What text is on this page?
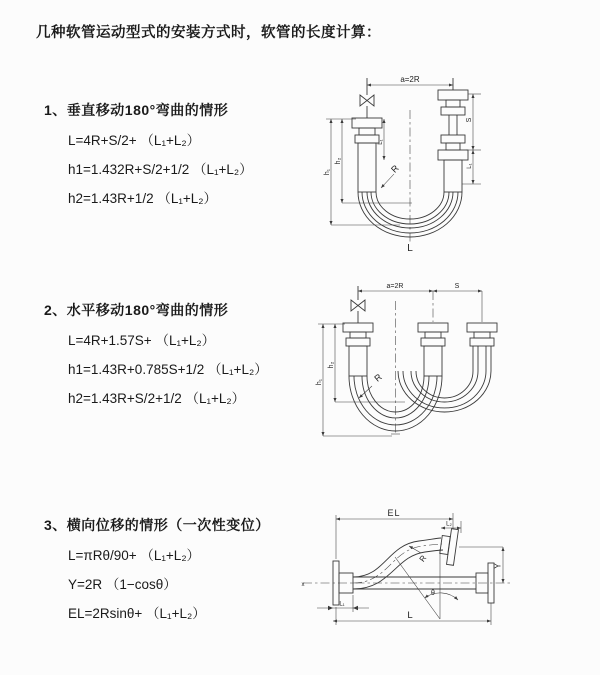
几种软管运动型式的安装方式时，软管的长度计算：
1、垂直移动180°弯曲的情形
L=4R+S/2+ （L₁+L₂）
h1=1.432R+S/2+1/2 （L₁+L₂）
h2=1.43R+1/2 （L₁+L₂）
2、水平移动180°弯曲的情形
L=4R+1.57S+ （L₁+L₂）
h1=1.43R+0.785S+1/2 （L₁+L₂）
h2=1.43R+S/2+1/2 （L₁+L₂）
3、横向位移的情形（一次性变位）
L=πRθ/90+ （L₁+L₂）
Y=2R （1−cosθ）
EL=2Rsinθ+ （L₁+L₂）
a=2R
h₁
h₂
S
L₁
L₁
R
L
a=2R	S
h₁
h₂
R
x
EL
L₂
Y
θ
R
L
L₁
